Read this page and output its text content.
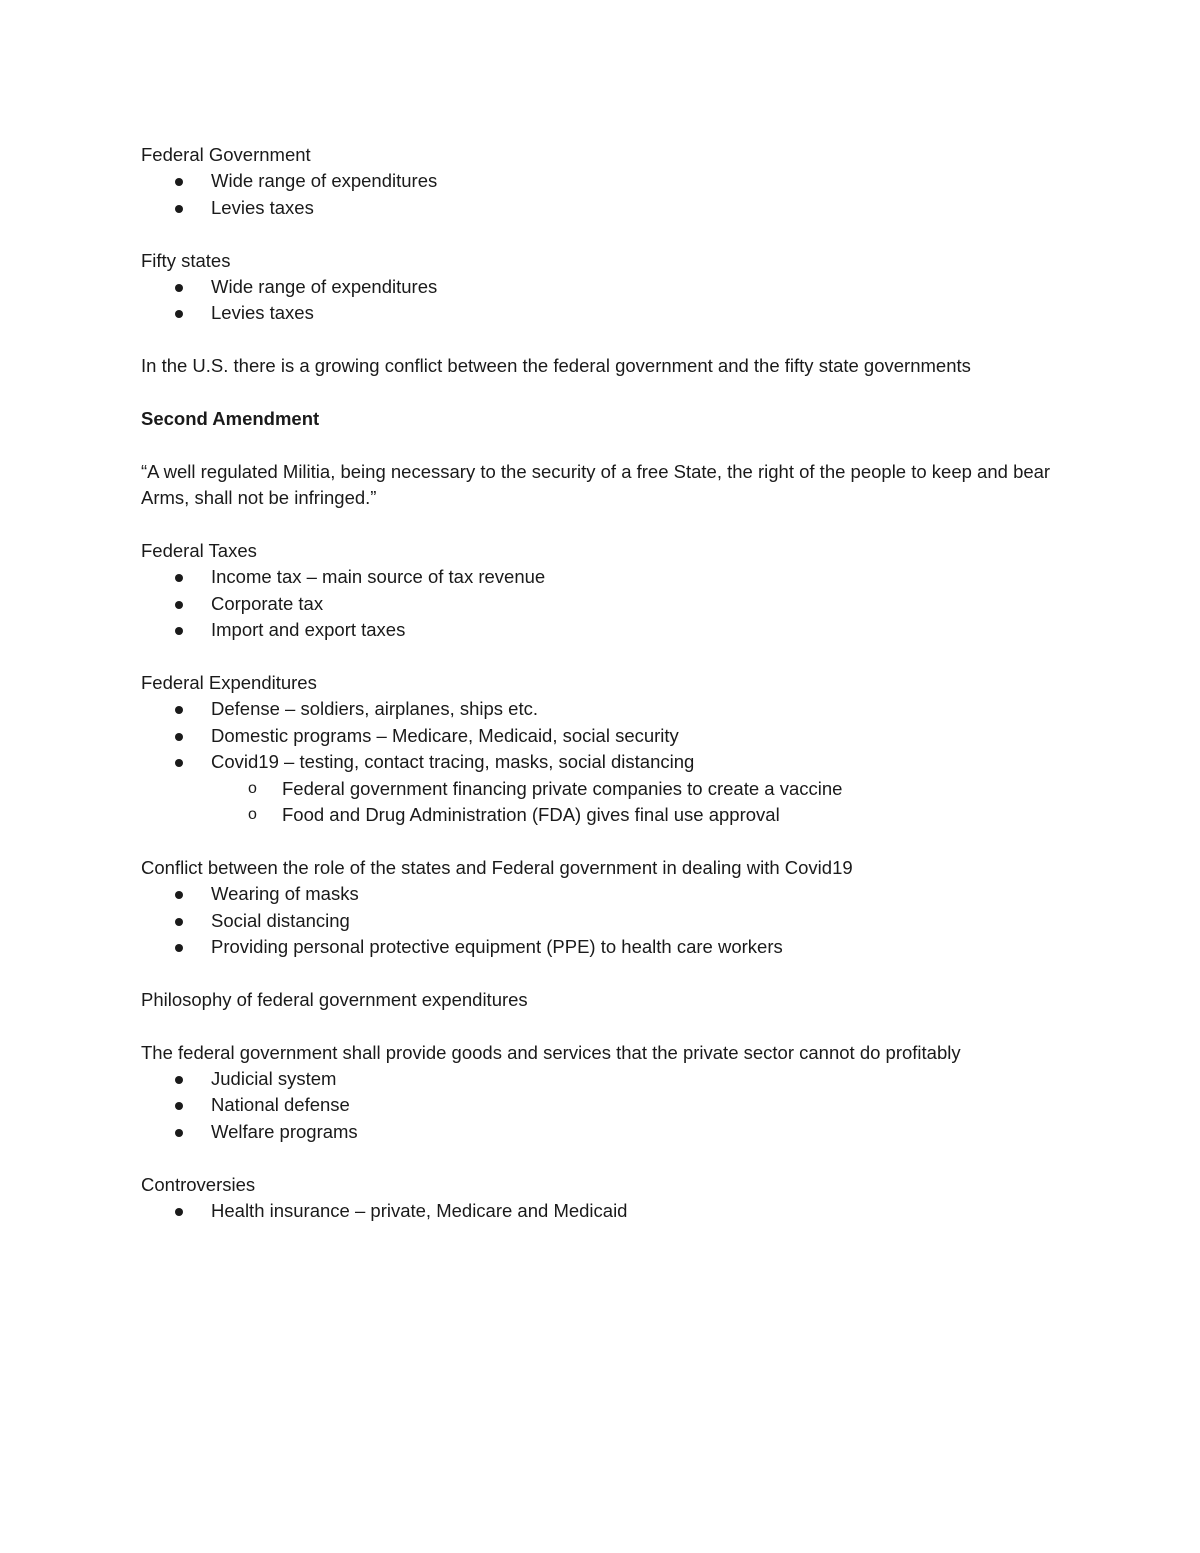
Federal Government

Wide range of expenditures
Levies taxes

Fifty states

Wide range of expenditures
Levies taxes

In the U.S. there is a growing conflict between the federal government and the fifty state governments

Second Amendment

“A well regulated Militia, being necessary to the security of a free State, the right of the people to keep and bear Arms, shall not be infringed.”

Federal Taxes

Income tax – main source of tax revenue
Corporate tax
Import and export taxes

Federal Expenditures

Defense – soldiers, airplanes, ships etc.
Domestic programs – Medicare, Medicaid, social security
Covid19 – testing, contact tracing, masks, social distancing
o Federal government financing private companies to create a vaccine
o Food and Drug Administration (FDA) gives final use approval

Conflict between the role of the states and Federal government in dealing with Covid19

Wearing of masks
Social distancing
Providing personal protective equipment (PPE) to health care workers

Philosophy of federal government expenditures

The federal government shall provide goods and services that the private sector cannot do profitably

Judicial system
National defense
Welfare programs

Controversies

Health insurance – private, Medicare and Medicaid
